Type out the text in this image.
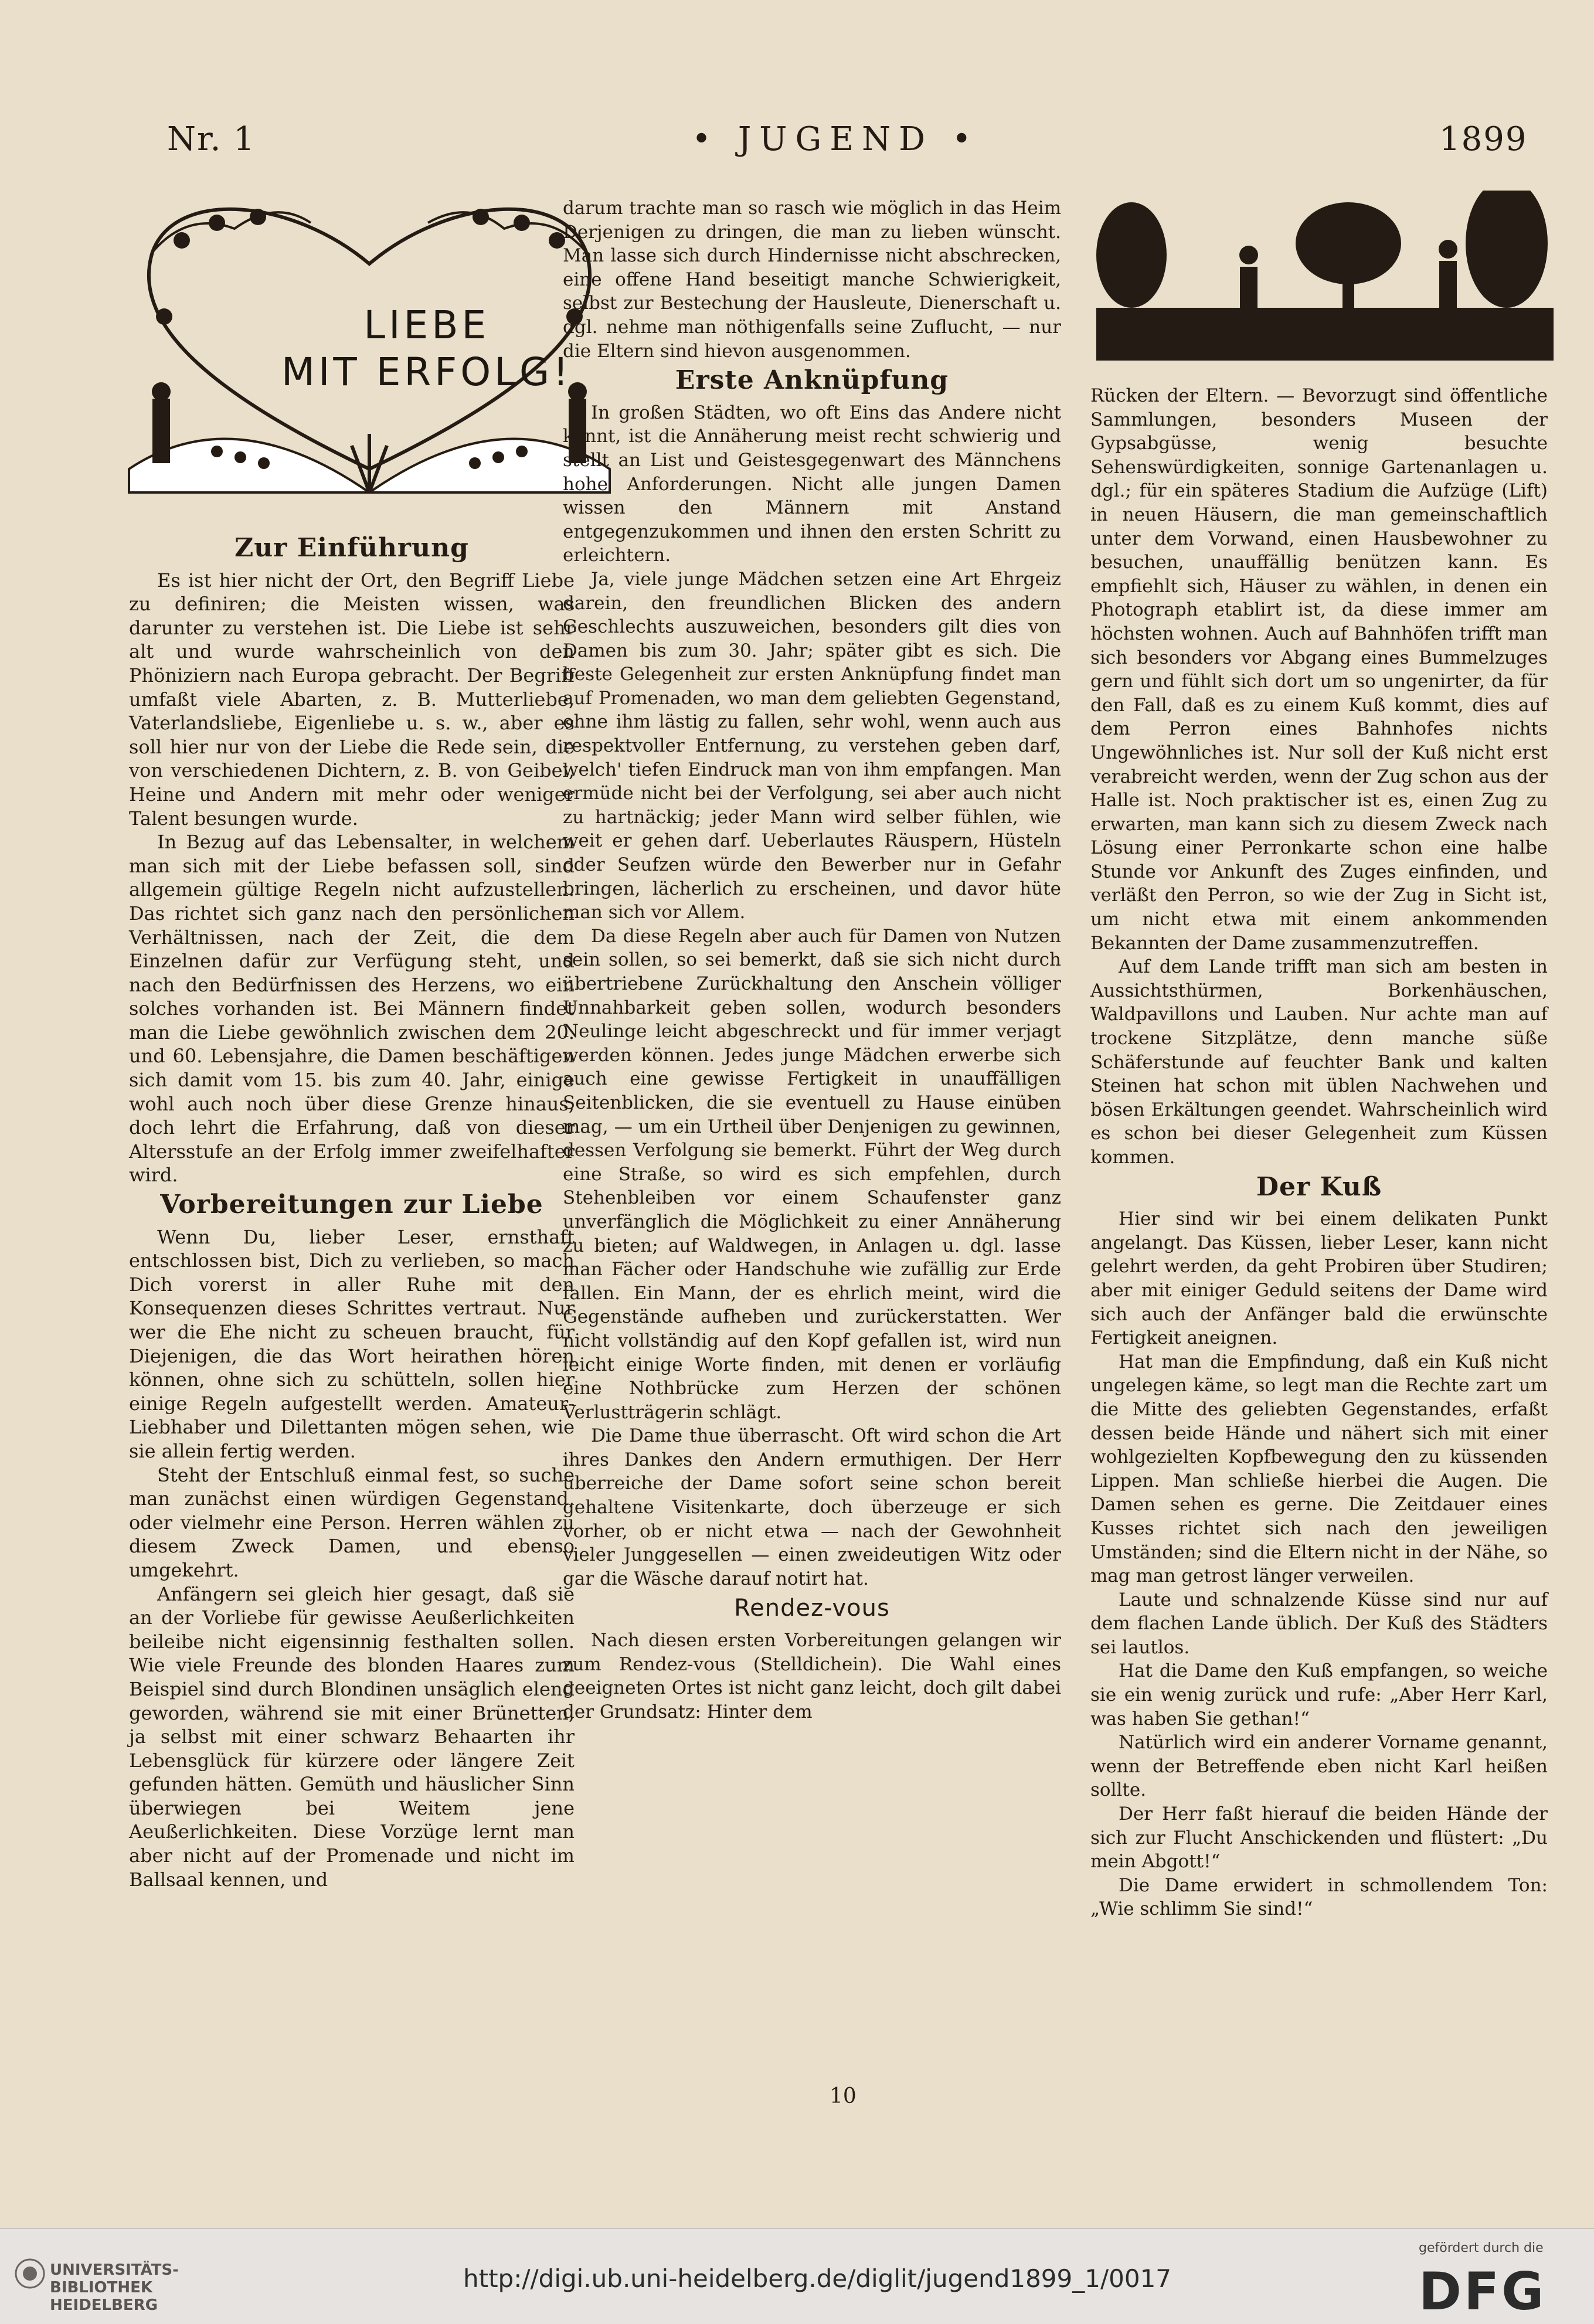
Nr. 1	• JUGEND •	1899
LIEBE
MIT ERFOLG!
Zur Einführung

Es ist hier nicht der Ort, den Begriff Liebe zu definiren; die Meisten wissen, was darunter zu verstehen ist. Die Liebe ist sehr alt und wurde wahrscheinlich von den Phöniziern nach Europa gebracht. Der Begriff umfaßt viele Abarten, z. B. Mutterliebe, Vaterlandsliebe, Eigenliebe u. s. w., aber es soll hier nur von der Liebe die Rede sein, die von verschiedenen Dichtern, z. B. von Geibel, Heine und Andern mit mehr oder weniger Talent besungen wurde.

In Bezug auf das Lebensalter, in welchem man sich mit der Liebe befassen soll, sind allgemein gültige Regeln nicht aufzustellen. Das richtet sich ganz nach den persönlichen Verhältnissen, nach der Zeit, die dem Einzelnen dafür zur Verfügung steht, und nach den Bedürfnissen des Herzens, wo ein solches vorhanden ist. Bei Männern findet man die Liebe gewöhnlich zwischen dem 20. und 60. Lebensjahre, die Damen beschäftigen sich damit vom 15. bis zum 40. Jahr, einige wohl auch noch über diese Grenze hinaus, doch lehrt die Erfahrung, daß von dieser Altersstufe an der Erfolg immer zweifelhafter wird.

Vorbereitungen zur Liebe

Wenn Du, lieber Leser, ernsthaft entschlossen bist, Dich zu verlieben, so mach Dich vorerst in aller Ruhe mit den Konsequenzen dieses Schrittes vertraut. Nur wer die Ehe nicht zu scheuen braucht, für Diejenigen, die das Wort heirathen hören können, ohne sich zu schütteln, sollen hier einige Regeln aufgestellt werden. Amateur-Liebhaber und Dilettanten mögen sehen, wie sie allein fertig werden.

Steht der Entschluß einmal fest, so suche man zunächst einen würdigen Gegenstand, oder vielmehr eine Person. Herren wählen zu diesem Zweck Damen, und ebenso umgekehrt.

Anfängern sei gleich hier gesagt, daß sie an der Vorliebe für gewisse Aeußerlichkeiten beileibe nicht eigensinnig festhalten sollen. Wie viele Freunde des blonden Haares zum Beispiel sind durch Blondinen unsäglich elend geworden, während sie mit einer Brünetten, ja selbst mit einer schwarz Behaarten ihr Lebensglück für kürzere oder längere Zeit gefunden hätten. Gemüth und häuslicher Sinn überwiegen bei Weitem jene Aeußerlichkeiten. Diese Vorzüge lernt man aber nicht auf der Promenade und nicht im Ballsaal kennen, und

darum trachte man so rasch wie möglich in das Heim Derjenigen zu dringen, die man zu lieben wünscht. Man lasse sich durch Hindernisse nicht abschrecken, eine offene Hand beseitigt manche Schwierigkeit, selbst zur Bestechung der Hausleute, Dienerschaft u. dgl. nehme man nöthigenfalls seine Zuflucht, — nur die Eltern sind hievon ausgenommen.

Erste Anknüpfung

In großen Städten, wo oft Eins das Andere nicht kennt, ist die Annäherung meist recht schwierig und stellt an List und Geistesgegenwart des Männchens hohe Anforderungen. Nicht alle jungen Damen wissen den Männern mit Anstand entgegenzukommen und ihnen den ersten Schritt zu erleichtern.

Ja, viele junge Mädchen setzen eine Art Ehrgeiz darein, den freundlichen Blicken des andern Geschlechts auszuweichen, besonders gilt dies von Damen bis zum 30. Jahr; später gibt es sich. Die beste Gelegenheit zur ersten Anknüpfung findet man auf Promenaden, wo man dem geliebten Gegenstand, ohne ihm lästig zu fallen, sehr wohl, wenn auch aus respektvoller Entfernung, zu verstehen geben darf, welch' tiefen Eindruck man von ihm empfangen. Man ermüde nicht bei der Verfolgung, sei aber auch nicht zu hartnäckig; jeder Mann wird selber fühlen, wie weit er gehen darf. Ueberlautes Räuspern, Hüsteln oder Seufzen würde den Bewerber nur in Gefahr bringen, lächerlich zu erscheinen, und davor hüte man sich vor Allem.

Da diese Regeln aber auch für Damen von Nutzen sein sollen, so sei bemerkt, daß sie sich nicht durch übertriebene Zurückhaltung den Anschein völliger Unnahbarkeit geben sollen, wodurch besonders Neulinge leicht abgeschreckt und für immer verjagt werden können. Jedes junge Mädchen erwerbe sich auch eine gewisse Fertigkeit in unauffälligen Seitenblicken, die sie eventuell zu Hause einüben mag, — um ein Urtheil über Denjenigen zu gewinnen, dessen Verfolgung sie bemerkt. Führt der Weg durch eine Straße, so wird es sich empfehlen, durch Stehenbleiben vor einem Schaufenster ganz unverfänglich die Möglichkeit zu einer Annäherung zu bieten; auf Waldwegen, in Anlagen u. dgl. lasse man Fächer oder Handschuhe wie zufällig zur Erde fallen. Ein Mann, der es ehrlich meint, wird die Gegenstände aufheben und zurückerstatten. Wer nicht vollständig auf den Kopf gefallen ist, wird nun leicht einige Worte finden, mit denen er vorläufig eine Nothbrücke zum Herzen der schönen Verlustträgerin schlägt.

Die Dame thue überrascht. Oft wird schon die Art ihres Dankes den Andern ermuthigen. Der Herr überreiche der Dame sofort seine schon bereit gehaltene Visitenkarte, doch überzeuge er sich vorher, ob er nicht etwa — nach der Gewohnheit vieler Junggesellen — einen zweideutigen Witz oder gar die Wäsche darauf notirt hat.

Rendez-vous

Nach diesen ersten Vorbereitungen gelangen wir zum Rendez-vous (Stelldichein). Die Wahl eines geeigneten Ortes ist nicht ganz leicht, doch gilt dabei der Grundsatz: Hinter dem

Rücken der Eltern. — Bevorzugt sind öffentliche Sammlungen, besonders Museen der Gypsabgüsse, wenig besuchte Sehenswürdigkeiten, sonnige Gartenanlagen u. dgl.; für ein späteres Stadium die Aufzüge (Lift) in neuen Häusern, die man gemeinschaftlich unter dem Vorwand, einen Hausbewohner zu besuchen, unauffällig benützen kann. Es empfiehlt sich, Häuser zu wählen, in denen ein Photograph etablirt ist, da diese immer am höchsten wohnen. Auch auf Bahnhöfen trifft man sich besonders vor Abgang eines Bummelzuges gern und fühlt sich dort um so ungenirter, da für den Fall, daß es zu einem Kuß kommt, dies auf dem Perron eines Bahnhofes nichts Ungewöhnliches ist. Nur soll der Kuß nicht erst verabreicht werden, wenn der Zug schon aus der Halle ist. Noch praktischer ist es, einen Zug zu erwarten, man kann sich zu diesem Zweck nach Lösung einer Perronkarte schon eine halbe Stunde vor Ankunft des Zuges einfinden, und verläßt den Perron, so wie der Zug in Sicht ist, um nicht etwa mit einem ankommenden Bekannten der Dame zusammenzutreffen.

Auf dem Lande trifft man sich am besten in Aussichtsthürmen, Borkenhäuschen, Waldpavillons und Lauben. Nur achte man auf trockene Sitzplätze, denn manche süße Schäferstunde auf feuchter Bank und kalten Steinen hat schon mit üblen Nachwehen und bösen Erkältungen geendet. Wahrscheinlich wird es schon bei dieser Gelegenheit zum Küssen kommen.

Der Kuß

Hier sind wir bei einem delikaten Punkt angelangt. Das Küssen, lieber Leser, kann nicht gelehrt werden, da geht Probiren über Studiren; aber mit einiger Geduld seitens der Dame wird sich auch der Anfänger bald die erwünschte Fertigkeit aneignen.

Hat man die Empfindung, daß ein Kuß nicht ungelegen käme, so legt man die Rechte zart um die Mitte des geliebten Gegenstandes, erfaßt dessen beide Hände und nähert sich mit einer wohlgezielten Kopfbewegung den zu küssenden Lippen. Man schließe hierbei die Augen. Die Damen sehen es gerne. Die Zeitdauer eines Kusses richtet sich nach den jeweiligen Umständen; sind die Eltern nicht in der Nähe, so mag man getrost länger verweilen.

Laute und schnalzende Küsse sind nur auf dem flachen Lande üblich. Der Kuß des Städters sei lautlos.

Hat die Dame den Kuß empfangen, so weiche sie ein wenig zurück und rufe: „Aber Herr Karl, was haben Sie gethan!“

Natürlich wird ein anderer Vorname genannt, wenn der Betreffende eben nicht Karl heißen sollte.

Der Herr faßt hierauf die beiden Hände der sich zur Flucht Anschickenden und flüstert: „Du mein Abgott!“

Die Dame erwidert in schmollendem Ton: „Wie schlimm Sie sind!“

10
UNIVERSITÄTS-
BIBLIOTHEK
HEIDELBERG
http://digi.ub.uni-heidelberg.de/diglit/jugend1899_1/0017
gefördert durch die
DFG
